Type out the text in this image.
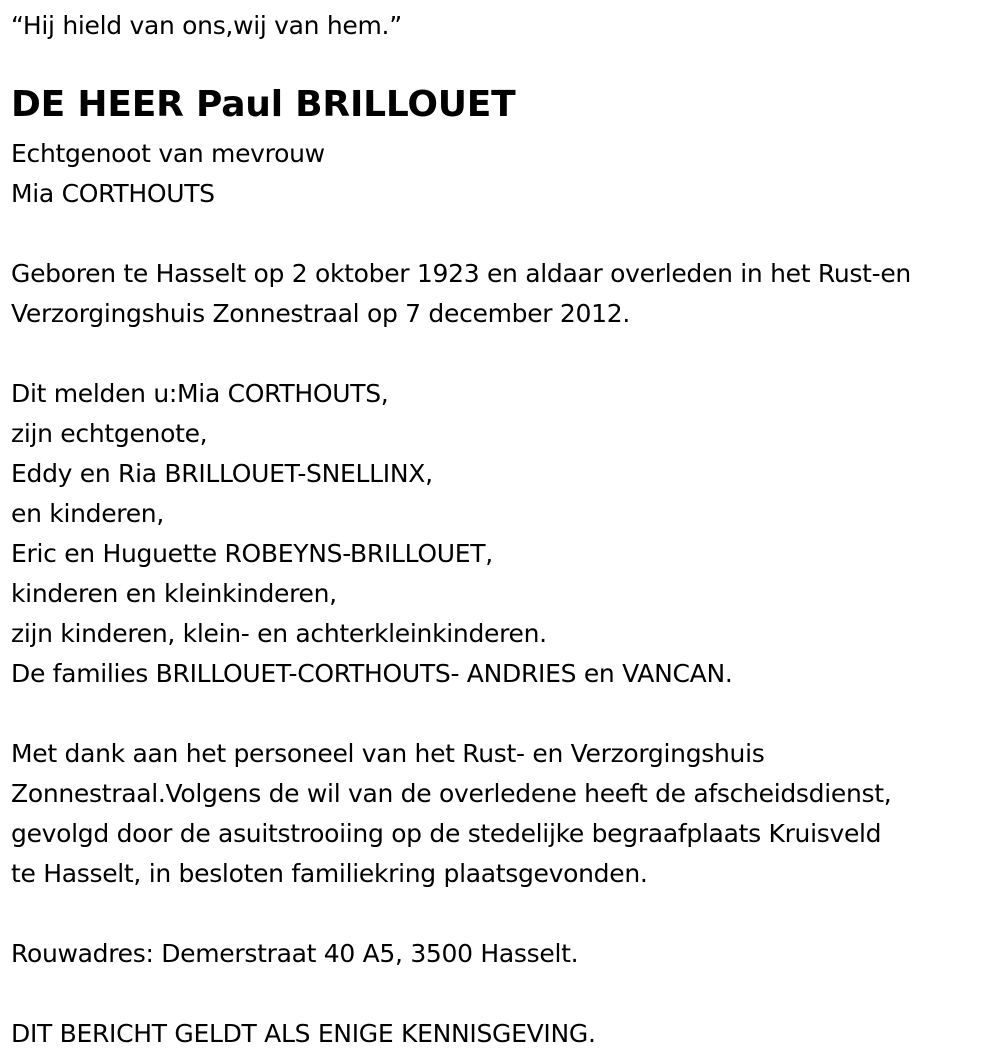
“Hij hield van ons,wij van hem.”
DE HEER Paul BRILLOUET
Echtgenoot van mevrouw
Mia CORTHOUTS
Geboren te Hasselt op 2 oktober 1923 en aldaar overleden in het Rust-en
Verzorgingshuis Zonnestraal op 7 december 2012.
Dit melden u:Mia CORTHOUTS,
zijn echtgenote,
Eddy en Ria BRILLOUET-SNELLINX,
en kinderen,
Eric en Huguette ROBEYNS-BRILLOUET,
kinderen en kleinkinderen,
zijn kinderen, klein- en achterkleinkinderen.
De families BRILLOUET-CORTHOUTS- ANDRIES en VANCAN.
Met dank aan het personeel van het Rust- en Verzorgingshuis
Zonnestraal.Volgens de wil van de overledene heeft de afscheidsdienst,
gevolgd door de asuitstrooiing op de stedelijke begraafplaats Kruisveld
te Hasselt, in besloten familiekring plaatsgevonden.
Rouwadres: Demerstraat 40 A5, 3500 Hasselt.
DIT BERICHT GELDT ALS ENIGE KENNISGEVING.
